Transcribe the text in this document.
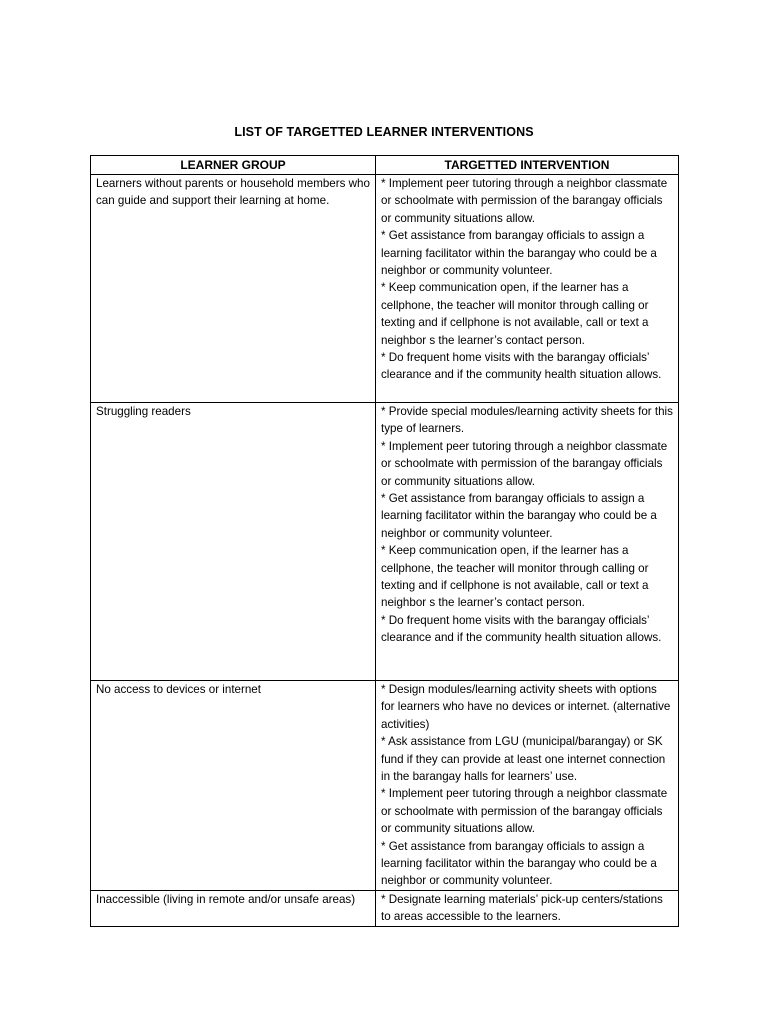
LIST OF TARGETTED LEARNER INTERVENTIONS
LEARNER GROUP	TARGETTED INTERVENTION

Learners without parents or household members who can guide and support their learning at home.	* Implement peer tutoring through a neighbor classmate or schoolmate with permission of the barangay officials or community situations allow.
* Get assistance from barangay officials to assign a learning facilitator within the barangay who could be a neighbor or community volunteer.
* Keep communication open, if the learner has a cellphone, the teacher will monitor through calling or texting and if cellphone is not available, call or text a neighbor s the learner’s contact person.
* Do frequent home visits with the barangay officials’ clearance and if the community health situation allows.

Struggling readers	* Provide special modules/learning activity sheets for this type of learners.
* Implement peer tutoring through a neighbor classmate or schoolmate with permission of the barangay officials or community situations allow.
* Get assistance from barangay officials to assign a learning facilitator within the barangay who could be a neighbor or community volunteer.
* Keep communication open, if the learner has a cellphone, the teacher will monitor through calling or texting and if cellphone is not available, call or text a neighbor s the learner’s contact person.
* Do frequent home visits with the barangay officials’ clearance and if the community health situation allows.

No access to devices or internet	* Design modules/learning activity sheets with options for learners who have no devices or internet. (alternative activities)
* Ask assistance from LGU (municipal/barangay) or SK fund if they can provide at least one internet connection in the barangay halls for learners’ use.
* Implement peer tutoring through a neighbor classmate or schoolmate with permission of the barangay officials or community situations allow.
* Get assistance from barangay officials to assign a learning facilitator within the barangay who could be a neighbor or community volunteer.

Inaccessible (living in remote and/or unsafe areas)	* Designate learning materials’ pick-up centers/stations to areas accessible to the learners.
